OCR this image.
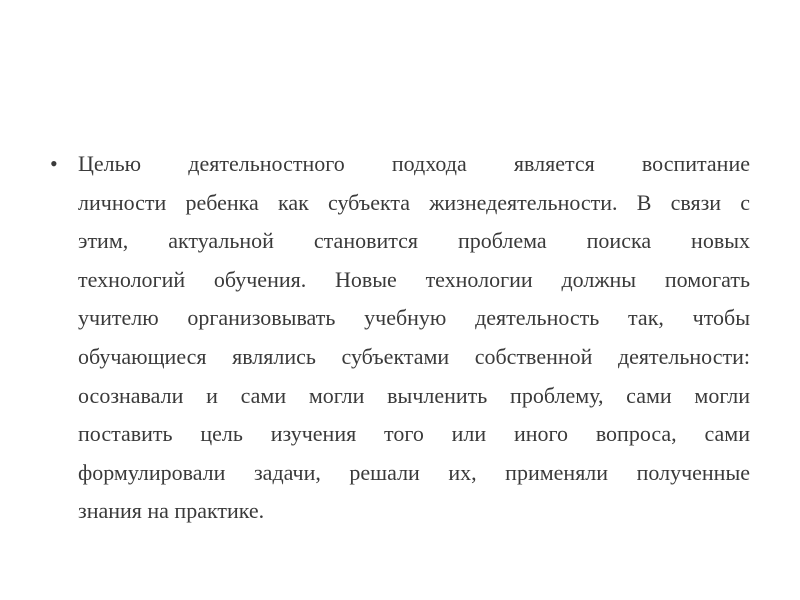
• Целью деятельностного подхода является воспитание
личности ребенка как субъекта жизнедеятельности. В связи с
этим, актуальной становится проблема поиска новых
технологий обучения. Новые технологии должны помогать
учителю организовывать учебную деятельность так, чтобы
обучающиеся являлись субъектами собственной деятельности:
осознавали и сами могли вычленить проблему, сами могли
поставить цель изучения того или иного вопроса, сами
формулировали задачи, решали их, применяли полученные
знания на практике.
